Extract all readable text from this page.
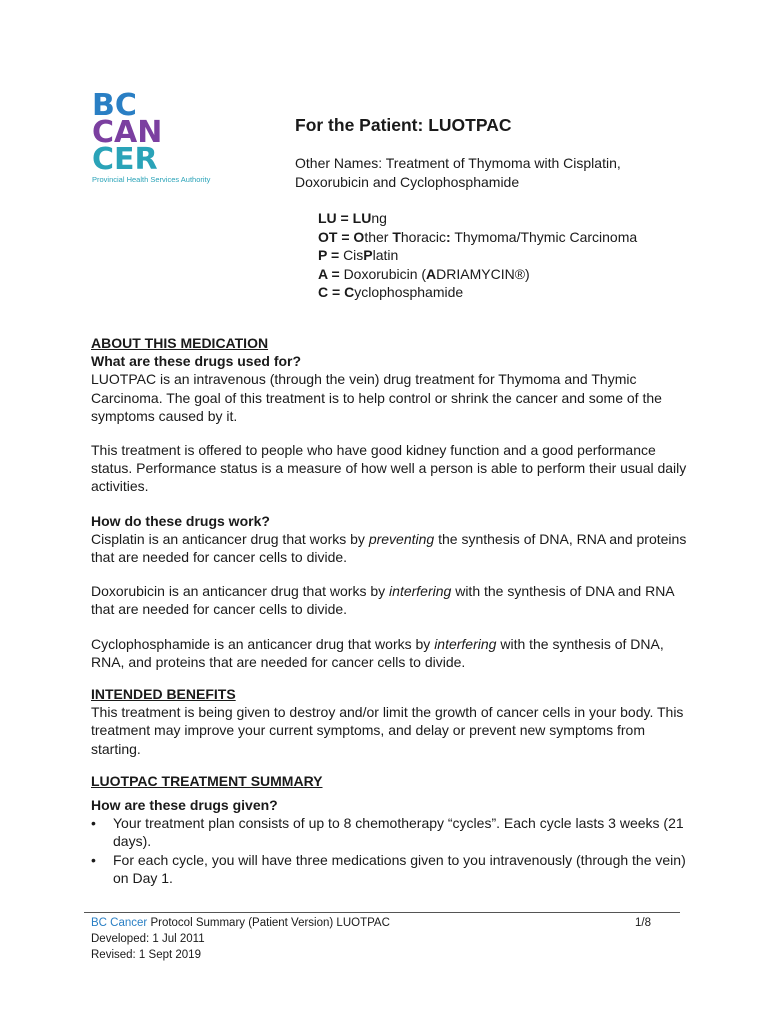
BC
CAN
CER
Provincial Health Services Authority
For the Patient: LUOTPAC
Other Names: Treatment of Thymoma with Cisplatin, Doxorubicin and Cyclophosphamide
LU = LUng
OT = Other Thoracic: Thymoma/Thymic Carcinoma
P = CisPlatin
A = Doxorubicin (ADRIAMYCIN®)
C = Cyclophosphamide

ABOUT THIS MEDICATION

What are these drugs used for?

LUOTPAC is an intravenous (through the vein) drug treatment for Thymoma and Thymic Carcinoma. The goal of this treatment is to help control or shrink the cancer and some of the symptoms caused by it.

This treatment is offered to people who have good kidney function and a good performance status. Performance status is a measure of how well a person is able to perform their usual daily activities.

How do these drugs work?

Cisplatin is an anticancer drug that works by preventing the synthesis of DNA, RNA and proteins that are needed for cancer cells to divide.

Doxorubicin is an anticancer drug that works by interfering with the synthesis of DNA and RNA that are needed for cancer cells to divide.

Cyclophosphamide is an anticancer drug that works by interfering with the synthesis of DNA, RNA, and proteins that are needed for cancer cells to divide.

INTENDED BENEFITS

This treatment is being given to destroy and/or limit the growth of cancer cells in your body. This treatment may improve your current symptoms, and delay or prevent new symptoms from starting.

LUOTPAC TREATMENT SUMMARY

How are these drugs given?

• Your treatment plan consists of up to 8 chemotherapy “cycles”. Each cycle lasts 3 weeks (21 days).
• For each cycle, you will have three medications given to you intravenously (through the vein) on Day 1.
BC Cancer Protocol Summary (Patient Version) LUOTPAC	1/8
Developed: 1 Jul 2011
Revised: 1 Sept 2019
